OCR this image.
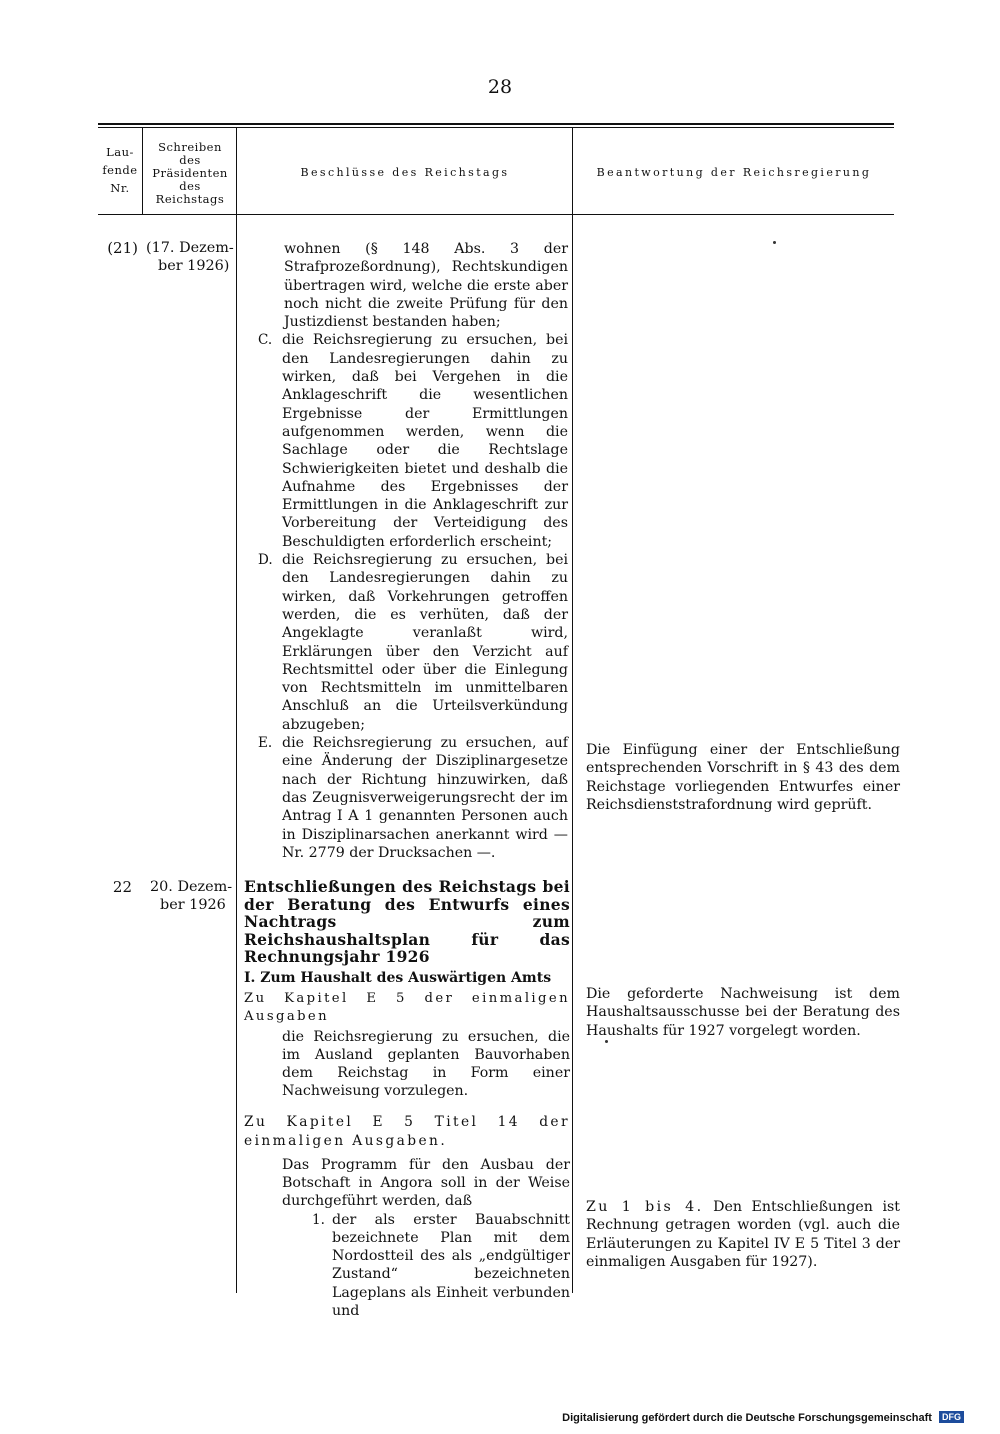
28
Lau-
fende
Nr.
Schreiben
des
Präsidenten
des
Reichstags
Beschlüsse des Reichstags	Beantwortung der Reichsregierung
(21) (17. Dezem-
ber 1926)

wohnen (§ 148 Abs. 3 der Strafprozeßordnung), Rechtskundigen übertragen wird, welche die erste aber noch nicht die zweite Prüfung für den Justizdienst bestanden haben;

C. die Reichsregierung zu ersuchen, bei den Landesregierungen dahin zu wirken, daß bei Vergehen in die Anklageschrift die wesentlichen Ergebnisse der Ermittlungen aufgenommen werden, wenn die Sachlage oder die Rechtslage Schwierigkeiten bietet und deshalb die Aufnahme des Ergebnisses der Ermittlungen in die Anklageschrift zur Vorbereitung der Verteidigung des Beschuldigten erforderlich erscheint;

D. die Reichsregierung zu ersuchen, bei den Landesregierungen dahin zu wirken, daß Vorkehrungen getroffen werden, die es verhüten, daß der Angeklagte veranlaßt wird, Erklärungen über den Verzicht auf Rechtsmittel oder über die Einlegung von Rechtsmitteln im unmittelbaren Anschluß an die Urteilsverkündung abzugeben;

E. die Reichsregierung zu ersuchen, auf eine Änderung der Disziplinargesetze nach der Richtung hinzuwirken, daß das Zeugnisverweigerungsrecht der im Antrag I A 1 genannten Personen auch in Disziplinarsachen anerkannt wird — Nr. 2779 der Drucksachen —.

Die Einfügung einer der Entschließung entsprechenden Vorschrift in § 43 des dem Reichstage vorliegenden Entwurfes einer Reichsdienststrafordnung wird geprüft.
22 20. Dezem-
ber 1926
Entschließungen des Reichstags bei der Beratung des Entwurfs eines Nachtrags zum Reichshaushaltsplan für das Rechnungsjahr 1926
I. Zum Haushalt des Auswärtigen Amts
Zu Kapitel E 5 der einmaligen Ausgaben
die Reichsregierung zu ersuchen, die im Ausland geplanten Bauvorhaben dem Reichstag in Form einer Nachweisung vorzulegen.
Zu Kapitel E 5 Titel 14 der einmaligen Ausgaben.
Das Programm für den Ausbau der Botschaft in Angora soll in der Weise durchgeführt werden, daß
1. der als erster Bauabschnitt bezeichnete Plan mit dem Nordostteil des als „endgültiger Zustand“ bezeichneten Lageplans als Einheit verbunden und

Die geforderte Nachweisung ist dem Haushaltsausschusse bei der Beratung des Haushalts für 1927 vorgelegt worden.
Zu 1 bis 4. Den Entschließungen ist Rechnung getragen worden (vgl. auch die Erläuterungen zu Kapitel IV E 5 Titel 3 der einmaligen Ausgaben für 1927).
Digitalisierung gefördert durch die Deutsche Forschungsgemeinschaft DFG
